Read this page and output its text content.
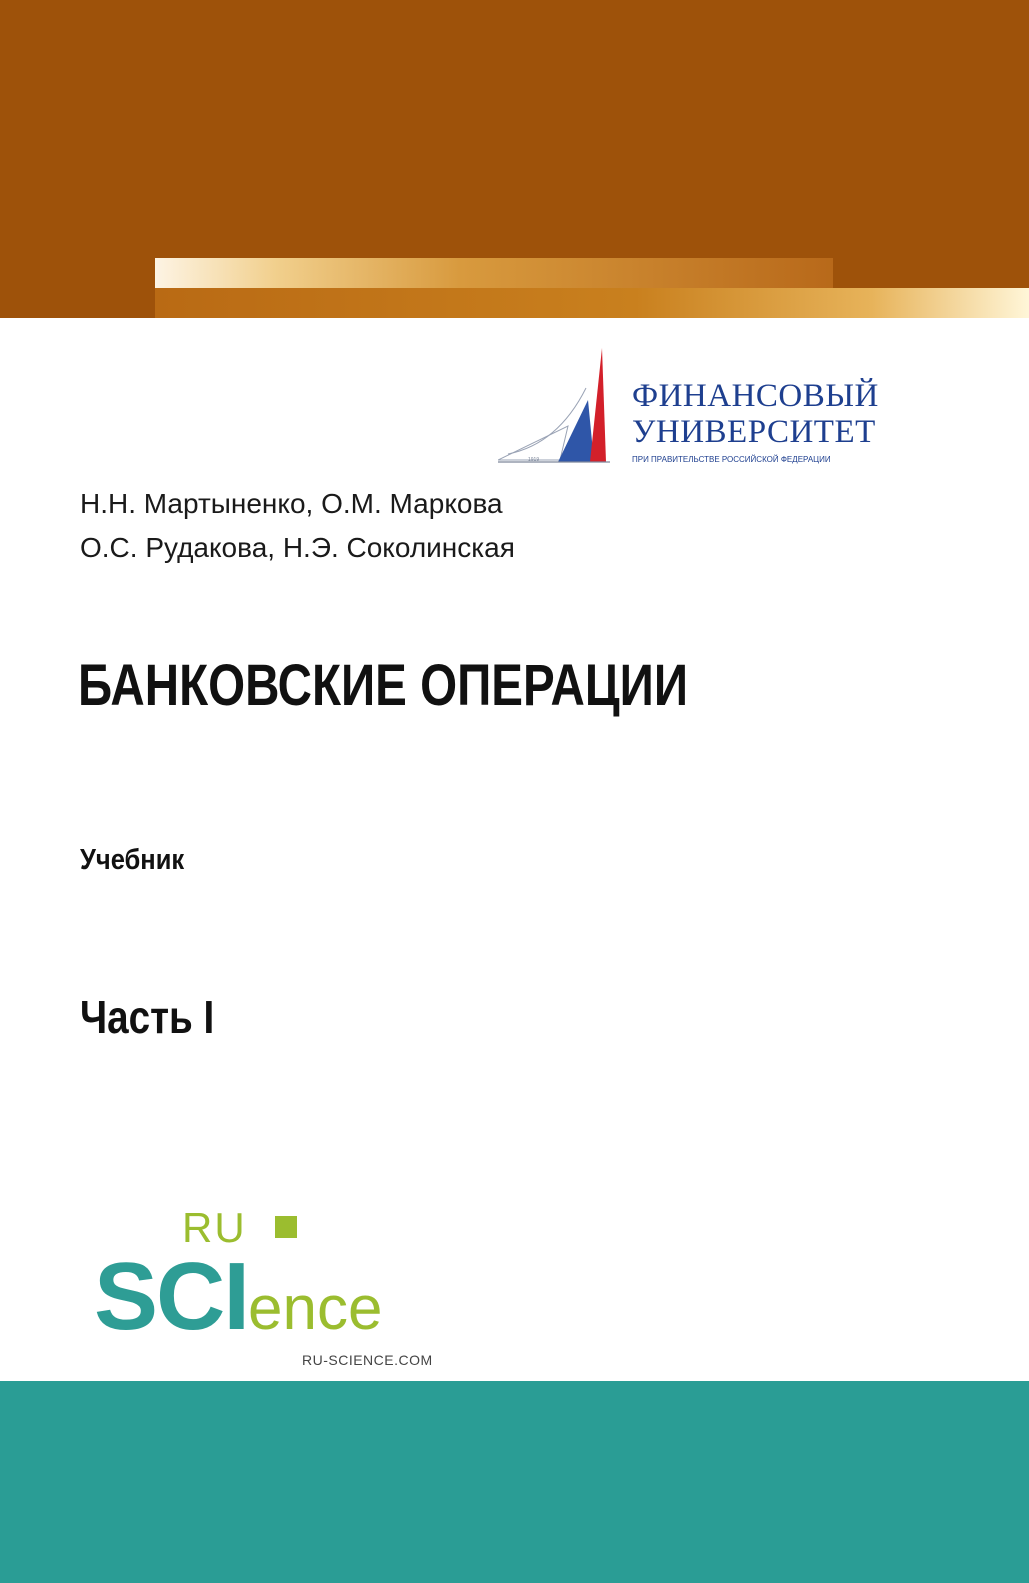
1919
ФИНАНСОВЫЙ
УНИВЕРСИТЕТ
ПРИ ПРАВИТЕЛЬСТВЕ РОССИЙСКОЙ ФЕДЕРАЦИИ
Н.Н. Мартыненко, О.М. Маркова
О.С. Рудакова, Н.Э. Соколинская
БАНКОВСКИЕ ОПЕРАЦИИ
Учебник
Часть I
RU
SCIence
RU-SCIENCE.COM
